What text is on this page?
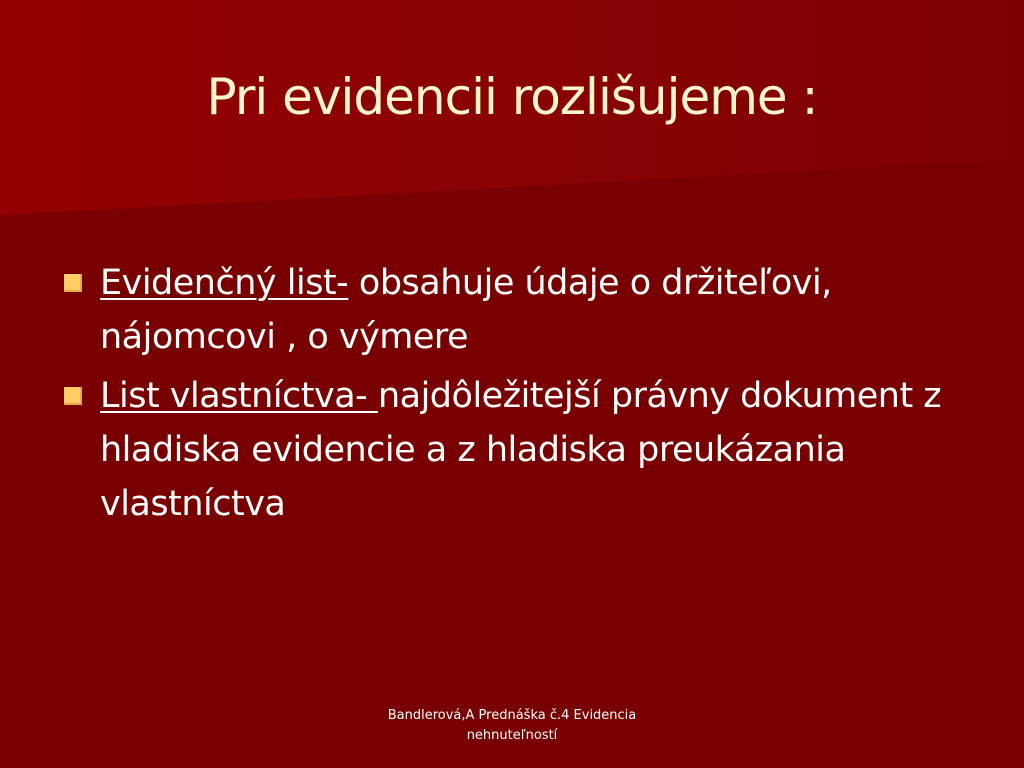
Pri evidencii rozlišujeme :
Evidenčný list- obsahuje údaje o držiteľovi, nájomcovi , o výmere
List vlastníctva- najdôležitejší právny dokument z hladiska evidencie a z hladiska preukázania vlastníctva
Bandlerová,A Prednáška č.4 Evidencia
nehnuteľností
